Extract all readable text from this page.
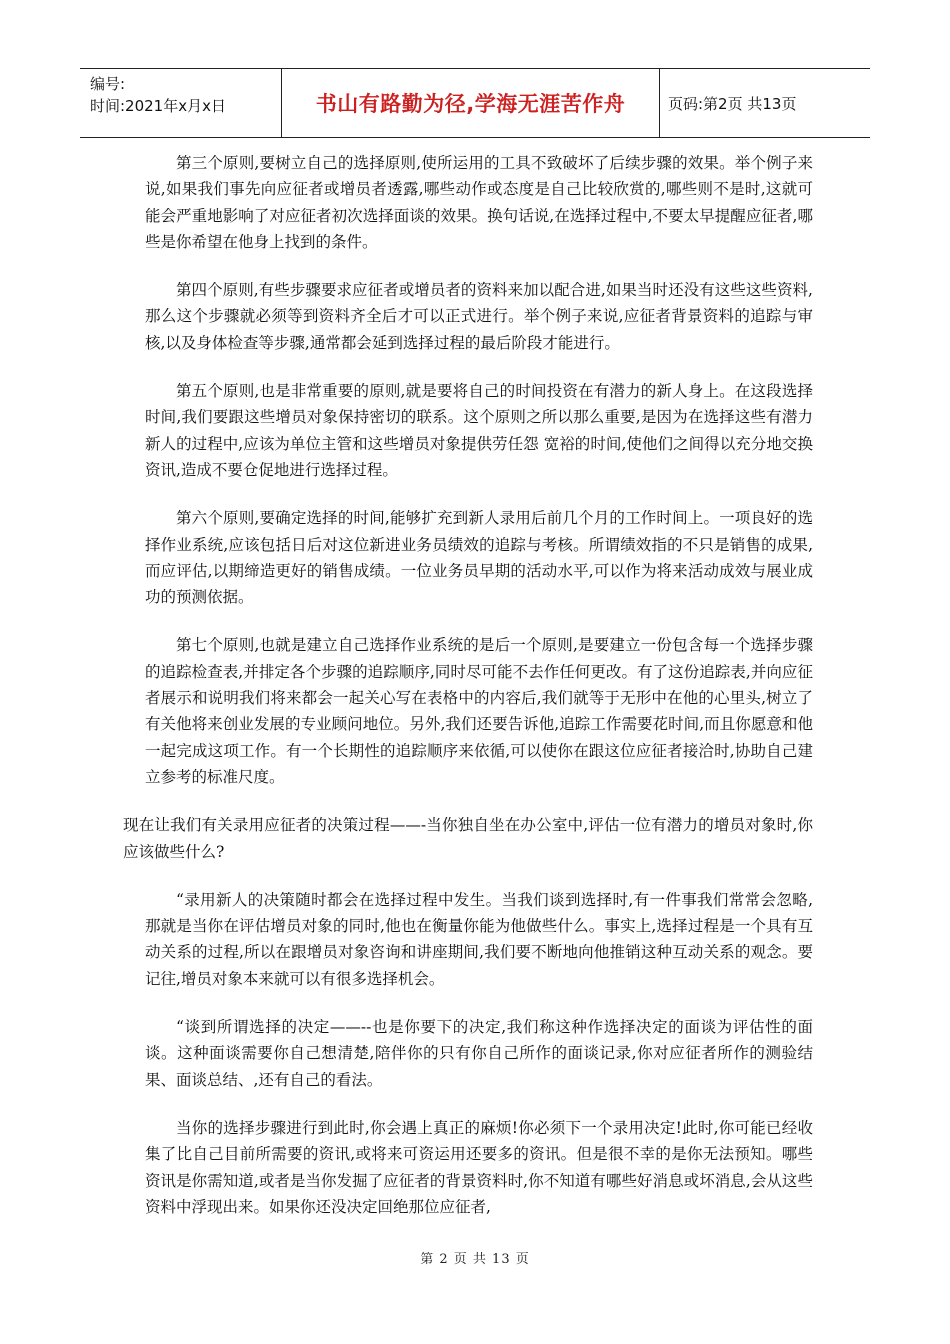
编号:
时间:2021年x月x日	书山有路勤为径,学海无涯苦作舟	页码:第2页 共13页

第三个原则,要树立自己的选择原则,使所运用的工具不致破坏了后续步骤的效果。举个例子来说,如果我们事先向应征者或增员者透露,哪些动作或态度是自己比较欣赏的,哪些则不是时,这就可能会严重地影响了对应征者初次选择面谈的效果。换句话说,在选择过程中,不要太早提醒应征者,哪些是你希望在他身上找到的条件。

第四个原则,有些步骤要求应征者或增员者的资料来加以配合进,如果当时还没有这些这些资料,那么这个步骤就必须等到资料齐全后才可以正式进行。举个例子来说,应征者背景资料的追踪与审核,以及身体检查等步骤,通常都会延到选择过程的最后阶段才能进行。

第五个原则,也是非常重要的原则,就是要将自己的时间投资在有潜力的新人身上。在这段选择时间,我们要跟这些增员对象保持密切的联系。这个原则之所以那么重要,是因为在选择这些有潜力新人的过程中,应该为单位主管和这些增员对象提供劳任怨 宽裕的时间,使他们之间得以充分地交换资讯,造成不要仓促地进行选择过程。

第六个原则,要确定选择的时间,能够扩充到新人录用后前几个月的工作时间上。一项良好的选择作业系统,应该包括日后对这位新进业务员绩效的追踪与考核。所谓绩效指的不只是销售的成果,而应评估,以期缔造更好的销售成绩。一位业务员早期的活动水平,可以作为将来活动成效与展业成功的预测依据。

第七个原则,也就是建立自己选择作业系统的是后一个原则,是要建立一份包含每一个选择步骤的追踪检查表,并排定各个步骤的追踪顺序,同时尽可能不去作任何更改。有了这份追踪表,并向应征者展示和说明我们将来都会一起关心写在表格中的内容后,我们就等于无形中在他的心里头,树立了有关他将来创业发展的专业顾问地位。另外,我们还要告诉他,追踪工作需要花时间,而且你愿意和他一起完成这项工作。有一个长期性的追踪顺序来依循,可以使你在跟这位应征者接洽时,协助自己建立参考的标准尺度。

现在让我们有关录用应征者的决策过程——-当你独自坐在办公室中,评估一位有潜力的增员对象时,你应该做些什么?

“录用新人的决策随时都会在选择过程中发生。当我们谈到选择时,有一件事我们常常会忽略,那就是当你在评估增员对象的同时,他也在衡量你能为他做些什么。事实上,选择过程是一个具有互动关系的过程,所以在跟增员对象咨询和讲座期间,我们要不断地向他推销这种互动关系的观念。要记往,增员对象本来就可以有很多选择机会。

“谈到所谓选择的决定——--也是你要下的决定,我们称这种作选择决定的面谈为评估性的面谈。这种面谈需要你自己想清楚,陪伴你的只有你自己所作的面谈记录,你对应征者所作的测验结果、面谈总结、,还有自己的看法。

当你的选择步骤进行到此时,你会遇上真正的麻烦!你必须下一个录用决定!此时,你可能已经收集了比自己目前所需要的资讯,或将来可资运用还要多的资讯。但是很不幸的是你无法预知。哪些资讯是你需知道,或者是当你发掘了应征者的背景资料时,你不知道有哪些好消息或坏消息,会从这些资料中浮现出来。如果你还没决定回绝那位应征者,

第 2 页 共 13 页
